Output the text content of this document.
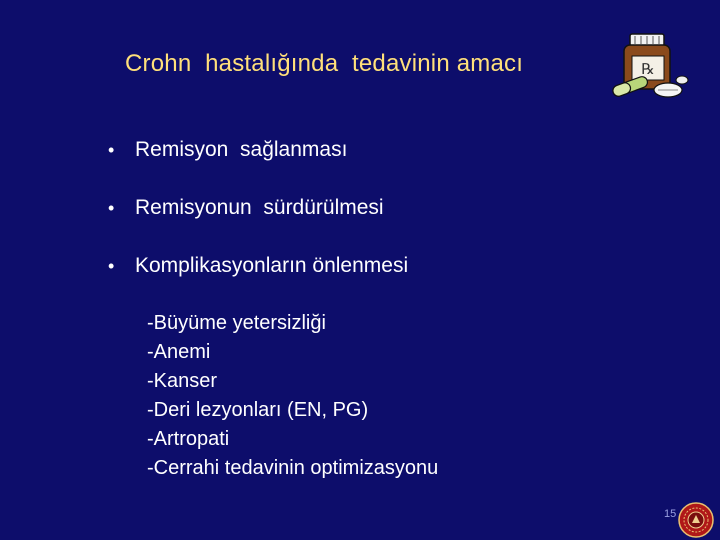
Crohn  hastalığında  tedavinin amacı	℞

•

Remisyon  sağlanması

•

Remisyonun  sürdürülmesi

•

Komplikasyonların önlenmesi

-Büyüme yetersizliği
-Anemi
-Kanser
-Deri lezyonları (EN, PG)
-Artropati
-Cerrahi tedavinin optimizasyonu
15
